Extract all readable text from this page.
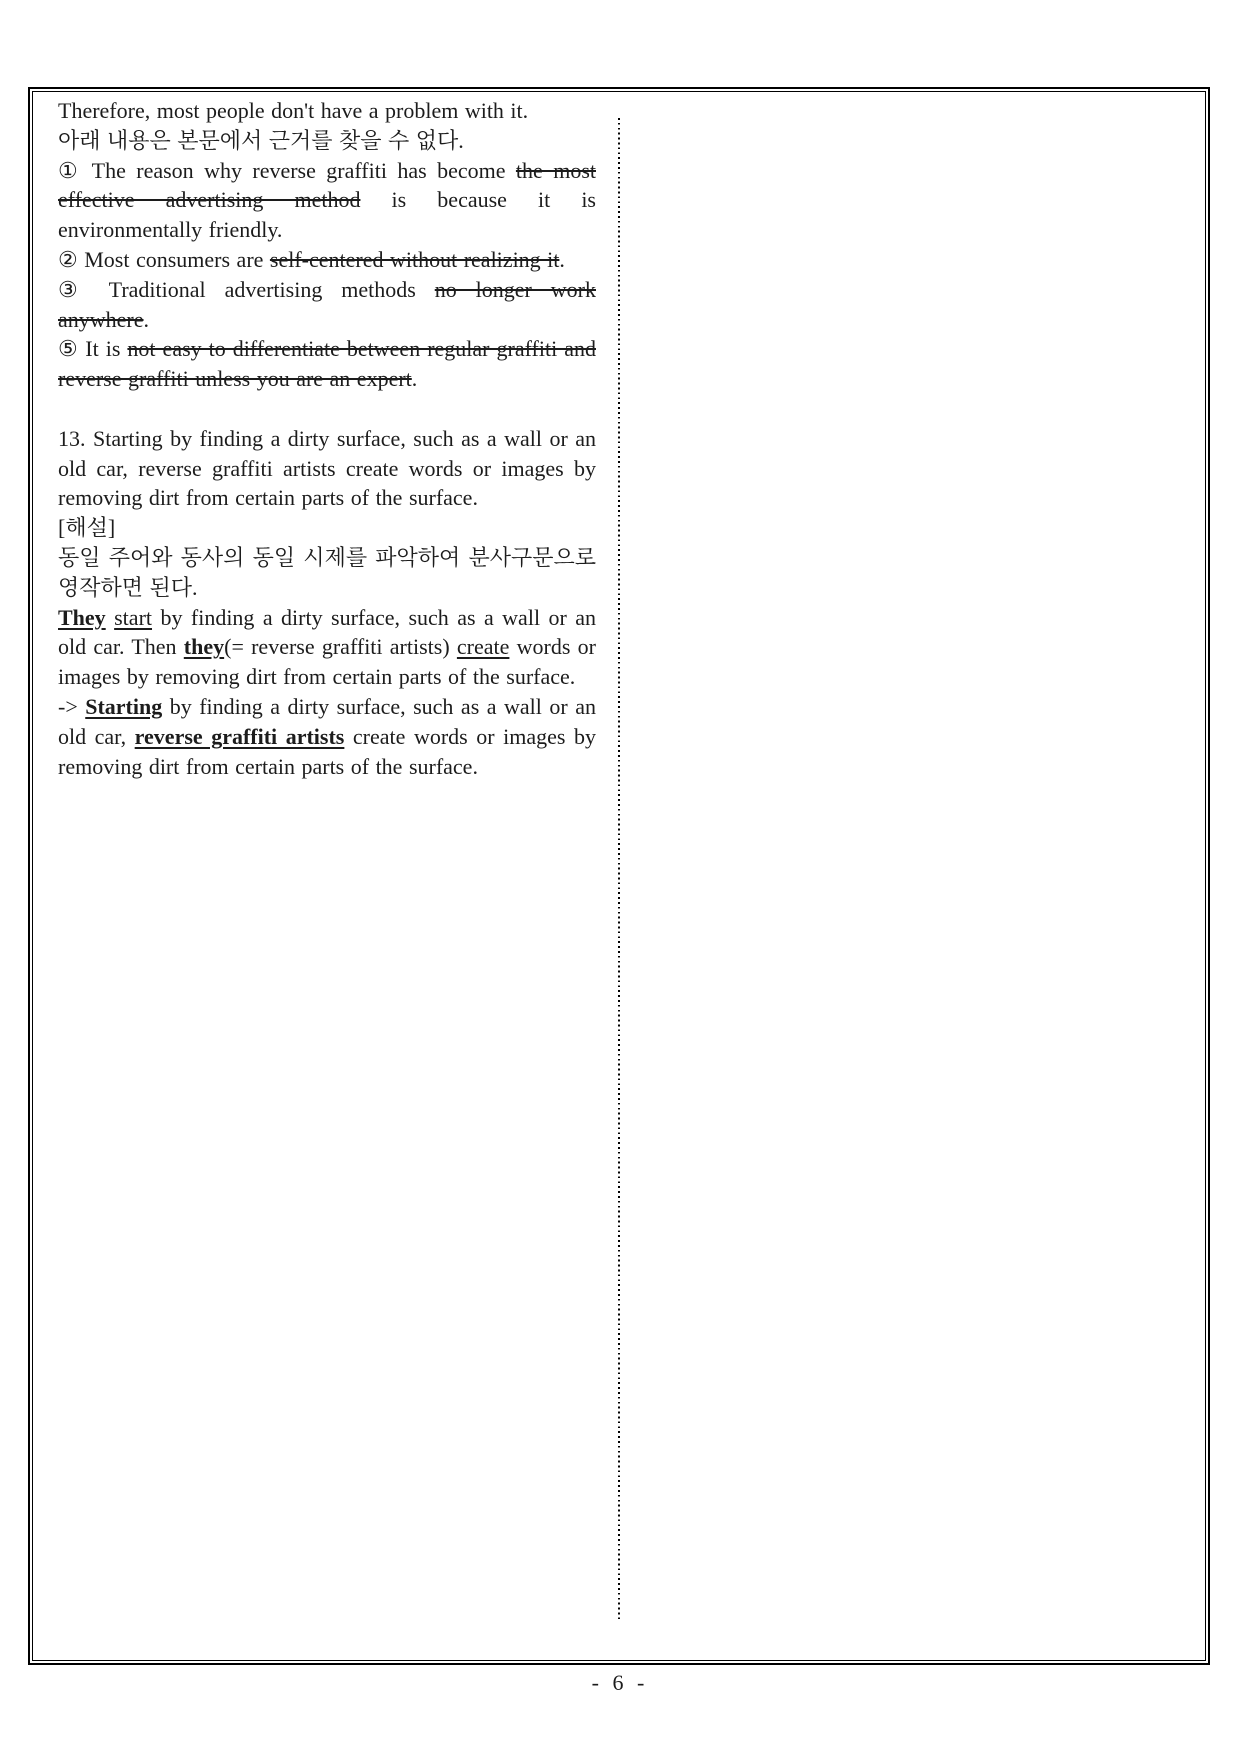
Therefore, most people don't have a problem with it.

아래 내용은 본문에서 근거를 찾을 수 없다.

① The reason why reverse graffiti has become the most effective advertising method is because it is environmentally friendly.

② Most consumers are self-centered without realizing it.

③ Traditional advertising methods no longer work anywhere.

⑤ It is not easy to differentiate between regular graffiti and reverse graffiti unless you are an expert.

13. Starting by finding a dirty surface, such as a wall or an old car, reverse graffiti artists create words or images by removing dirt from certain parts of the surface.

[해설]

동일 주어와 동사의 동일 시제를 파악하여 분사구문으로 영작하면 된다.

They start by finding a dirty surface, such as a wall or an old car. Then they(= reverse graffiti artists) create words or images by removing dirt from certain parts of the surface.

-> Starting by finding a dirty surface, such as a wall or an old car, reverse graffiti artists create words or images by removing dirt from certain parts of the surface.

- 6 -
